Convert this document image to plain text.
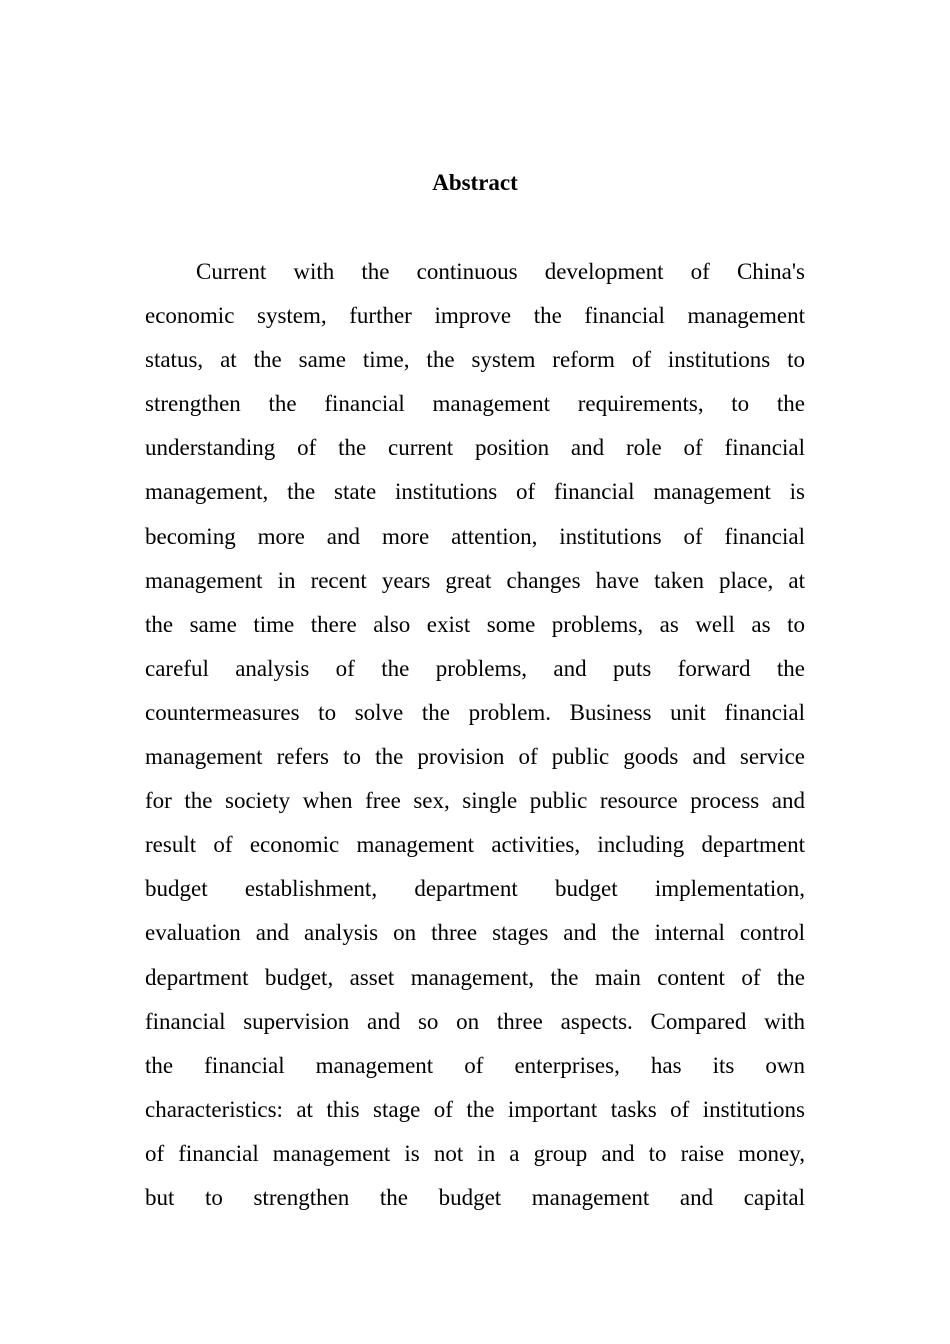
Abstract
Current with the continuous development of China's
economic system, further improve the financial management
status, at the same time, the system reform of institutions to
strengthen the financial management requirements, to the
understanding of the current position and role of financial
management, the state institutions of financial management is
becoming more and more attention, institutions of financial
management in recent years great changes have taken place, at
the same time there also exist some problems, as well as to
careful analysis of the problems, and puts forward the
countermeasures to solve the problem. Business unit financial
management refers to the provision of public goods and service
for the society when free sex, single public resource process and
result of economic management activities, including department
budget establishment, department budget implementation,
evaluation and analysis on three stages and the internal control
department budget, asset management, the main content of the
financial supervision and so on three aspects. Compared with
the financial management of enterprises, has its own
characteristics: at this stage of the important tasks of institutions
of financial management is not in a group and to raise money,
but to strengthen the budget management and capital
